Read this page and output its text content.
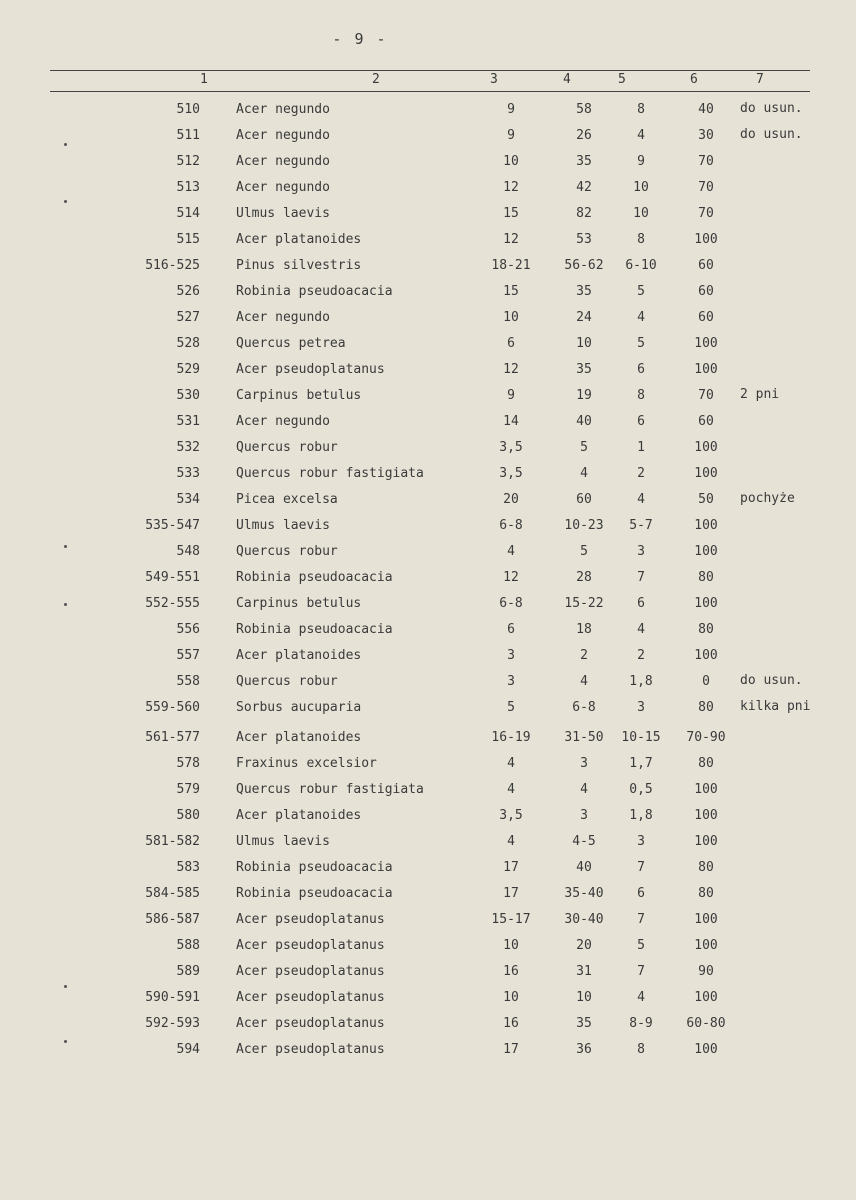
- 9 -
1	2	3	4	5	6	7
510	Acer negundo	9	58	8	40	do usun.
511	Acer negundo	9	26	4	30	do usun.
512	Acer negundo	10	35	9	70
513	Acer negundo	12	42	10	70
514	Ulmus laevis	15	82	10	70
515	Acer platanoides	12	53	8	100
516-525	Pinus silvestris	18-21	56-62	6-10	60
526	Robinia pseudoacacia	15	35	5	60
527	Acer negundo	10	24	4	60
528	Quercus petrea	6	10	5	100
529	Acer pseudoplatanus	12	35	6	100
530	Carpinus betulus	9	19	8	70	2 pni
531	Acer negundo	14	40	6	60
532	Quercus robur	3,5	5	1	100
533	Quercus robur fastigiata	3,5	4	2	100
534	Picea excelsa	20	60	4	50	pochyże
535-547	Ulmus laevis	6-8	10-23	5-7	100
548	Quercus robur	4	5	3	100
549-551	Robinia pseudoacacia	12	28	7	80
552-555	Carpinus betulus	6-8	15-22	6	100
556	Robinia pseudoacacia	6	18	4	80
557	Acer platanoides	3	2	2	100
558	Quercus robur	3	4	1,8	0	do usun.
559-560	Sorbus aucuparia	5	6-8	3	80	kilka pni
561-577	Acer platanoides	16-19	31-50	10-15	70-90
578	Fraxinus excelsior	4	3	1,7	80
579	Quercus robur fastigiata	4	4	0,5	100
580	Acer platanoides	3,5	3	1,8	100
581-582	Ulmus laevis	4	4-5	3	100
583	Robinia pseudoacacia	17	40	7	80
584-585	Robinia pseudoacacia	17	35-40	6	80
586-587	Acer pseudoplatanus	15-17	30-40	7	100
588	Acer pseudoplatanus	10	20	5	100
589	Acer pseudoplatanus	16	31	7	90
590-591	Acer pseudoplatanus	10	10	4	100
592-593	Acer pseudoplatanus	16	35	8-9	60-80
594	Acer pseudoplatanus	17	36	8	100
